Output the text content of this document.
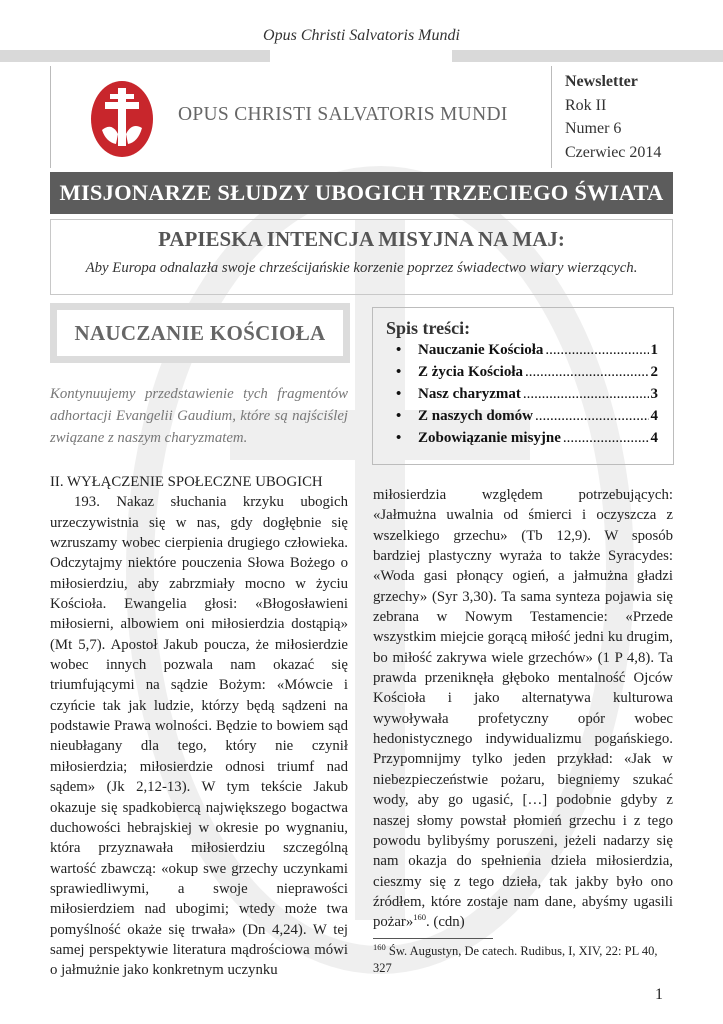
Opus Christi Salvatoris Mundi
OPUS CHRISTI SALVATORIS MUNDI
Newsletter
Rok II
Numer 6
Czerwiec 2014
MISJONARZE SŁUDZY UBOGICH TRZECIEGO ŚWIATA
PAPIESKA INTENCJA MISYJNA NA MAJ:
Aby Europa odnalazła swoje chrześcijańskie korzenie poprzez świadectwo wiary wierzących.
NAUCZANIE KOŚCIOŁA	Spis treści:
•	Nauczanie Kościoła .....	1
•	Z życia Kościoła .....	2
•	Nasz charyzmat .....	3
•	Z naszych domów .....	4
•	Zobowiązanie misyjne .....	4

Kontynuujemy przedstawienie tych fragmentów adhortacji Evangelii Gaudium, które są najściślej związane z naszym charyzmatem.

II. WYŁĄCZENIE SPOŁECZNE UBOGICH

193. Nakaz słuchania krzyku ubogich urzeczywistnia się w nas, gdy dogłębnie się wzruszamy wobec cierpienia drugiego człowieka. Odczytajmy niektóre pouczenia Słowa Bożego o miłosierdziu, aby zabrzmiały mocno w życiu Kościoła. Ewangelia głosi: «Błogosławieni miłosierni, albowiem oni miłosierdzia dostąpią» (Mt 5,7). Apostoł Jakub poucza, że miłosierdzie wobec innych pozwala nam okazać się triumfującymi na sądzie Bożym: «Mówcie i czyńcie tak jak ludzie, którzy będą sądzeni na podstawie Prawa wolności. Będzie to bowiem sąd nieubłagany dla tego, który nie czynił miłosierdzia; miłosierdzie odnosi triumf nad sądem» (Jk 2,12-13). W tym tekście Jakub okazuje się spadkobiercą największego bogactwa duchowości hebrajskiej w okresie po wygnaniu, która przyznawała miłosierdziu szczególną wartość zbawczą: «okup swe grzechy uczynkami sprawiedliwymi, a swoje nieprawości miłosierdziem nad ubogimi; wtedy może twa pomyślność okaże się trwała» (Dn 4,24). W tej samej perspektywie literatura mądrościowa mówi o jałmużnie jako konkretnym uczynku

miłosierdzia względem potrzebujących: «Jałmużna uwalnia od śmierci i oczyszcza z wszelkiego grzechu» (Tb 12,9). W sposób bardziej plastyczny wyraża to także Syracydes: «Woda gasi płonący ogień, a jałmużna gładzi grzechy» (Syr 3,30). Ta sama synteza pojawia się zebrana w Nowym Testamencie: «Przede wszystkim miejcie gorącą miłość jedni ku drugim, bo miłość zakrywa wiele grzechów» (1 P 4,8). Ta prawda przeniknęła głęboko mentalność Ojców Kościoła i jako alternatywa kulturowa wywoływała profetyczny opór wobec hedonistycznego indywidualizmu pogańskiego. Przypomnijmy tylko jeden przykład: «Jak w niebezpieczeństwie pożaru, biegniemy szukać wody, aby go ugasić, […] podobnie gdyby z naszej słomy powstał płomień grzechu i z tego powodu bylibyśmy poruszeni, jeżeli nadarzy się nam okazja do spełnienia dzieła miłosierdzia, cieszmy się z tego dzieła, tak jakby było ono źródłem, które zostaje nam dane, abyśmy ugasili pożar»$^{160}$. (cdn)

$^{160}$ Św. Augustyn, De catech. Rudibus, I, XIV, 22: PL 40, 327

1
